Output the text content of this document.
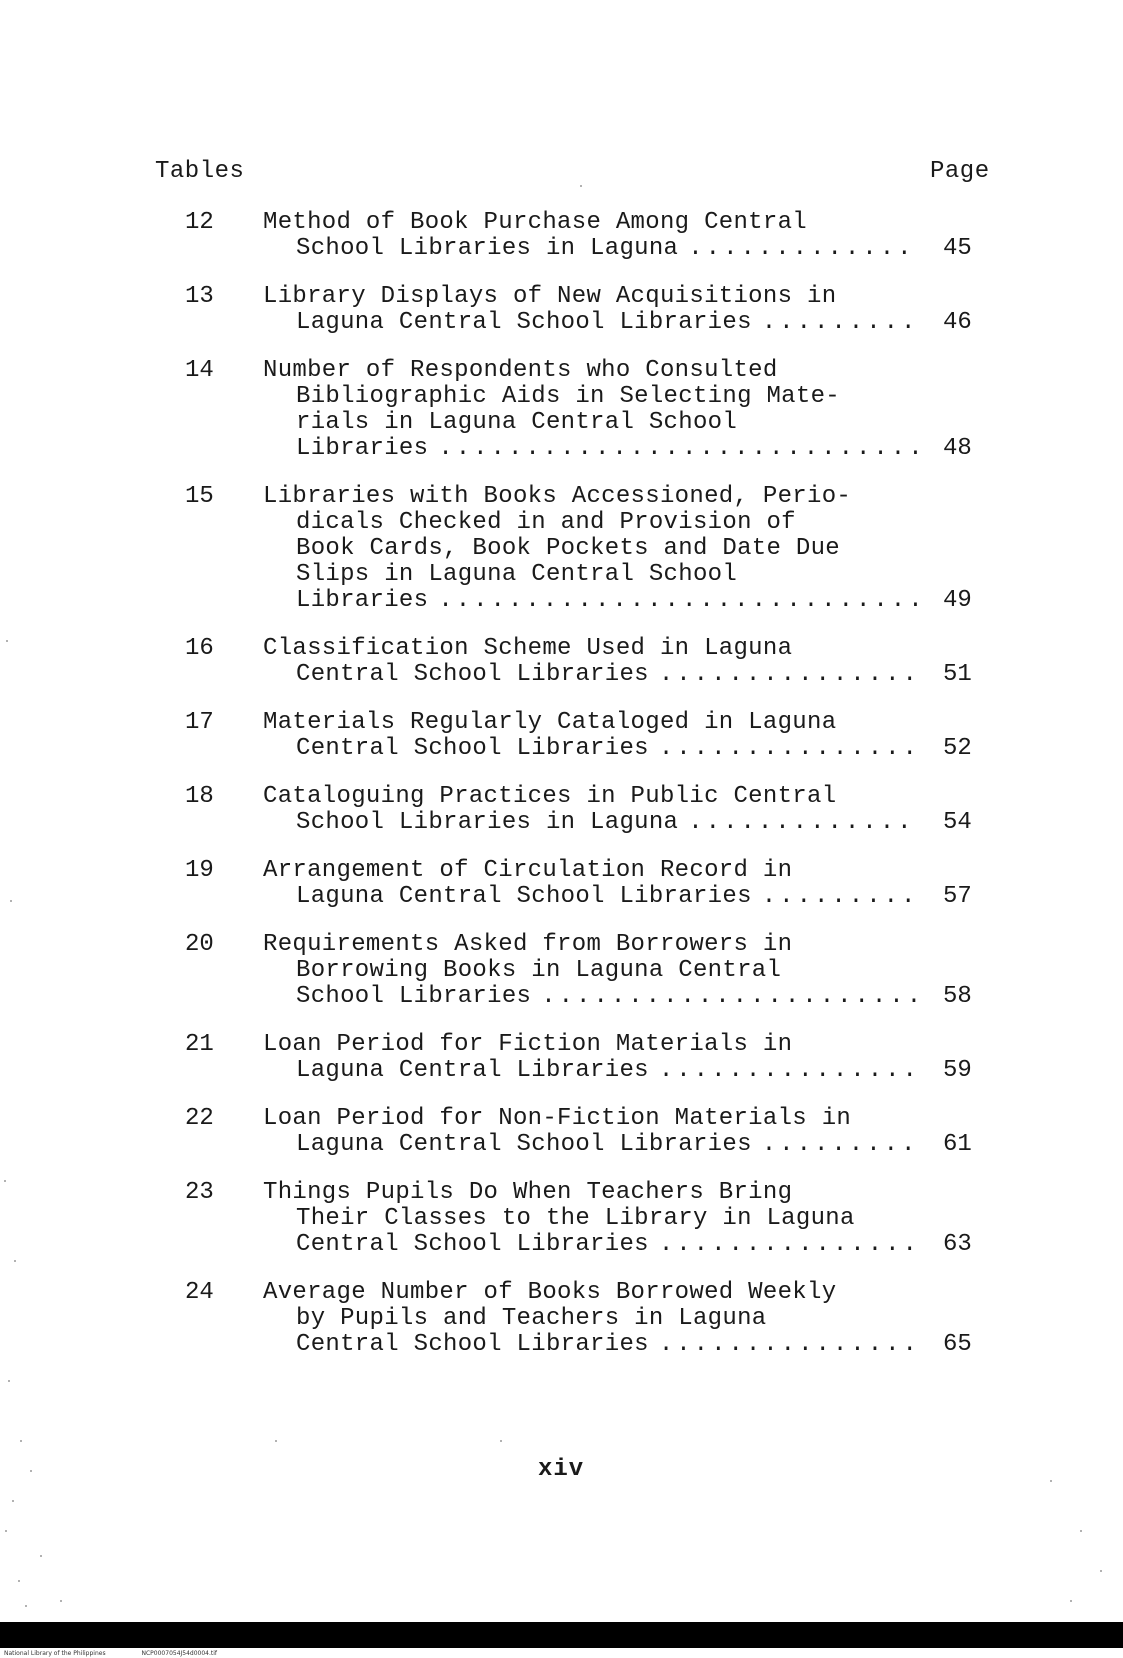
Tables	Page
12	Method of Book Purchase Among Central
School Libraries in Laguna .....	45
13	Library Displays of New Acquisitions in
Laguna Central School Libraries .....	46
14	Number of Respondents who Consulted
Bibliographic Aids in Selecting Mate-
rials in Laguna Central School
Libraries .....	48
15	Libraries with Books Accessioned, Perio-
dicals Checked in and Provision of
Book Cards, Book Pockets and Date Due
Slips in Laguna Central School
Libraries .....	49
16	Classification Scheme Used in Laguna
Central School Libraries .....	51
17	Materials Regularly Cataloged in Laguna
Central School Libraries .....	52
18	Cataloguing Practices in Public Central
School Libraries in Laguna .....	54
19	Arrangement of Circulation Record in
Laguna Central School Libraries .....	57
20	Requirements Asked from Borrowers in
Borrowing Books in Laguna Central
School Libraries .....	58
21	Loan Period for Fiction Materials in
Laguna Central Libraries .....	59
22	Loan Period for Non-Fiction Materials in
Laguna Central School Libraries .....	61
23	Things Pupils Do When Teachers Bring
Their Classes to the Library in Laguna
Central School Libraries .....	63
24	Average Number of Books Borrowed Weekly
by Pupils and Teachers in Laguna
Central School Libraries .....	65
xiv
National Library of the Philippines	NCP0007054J54d0004.tif
